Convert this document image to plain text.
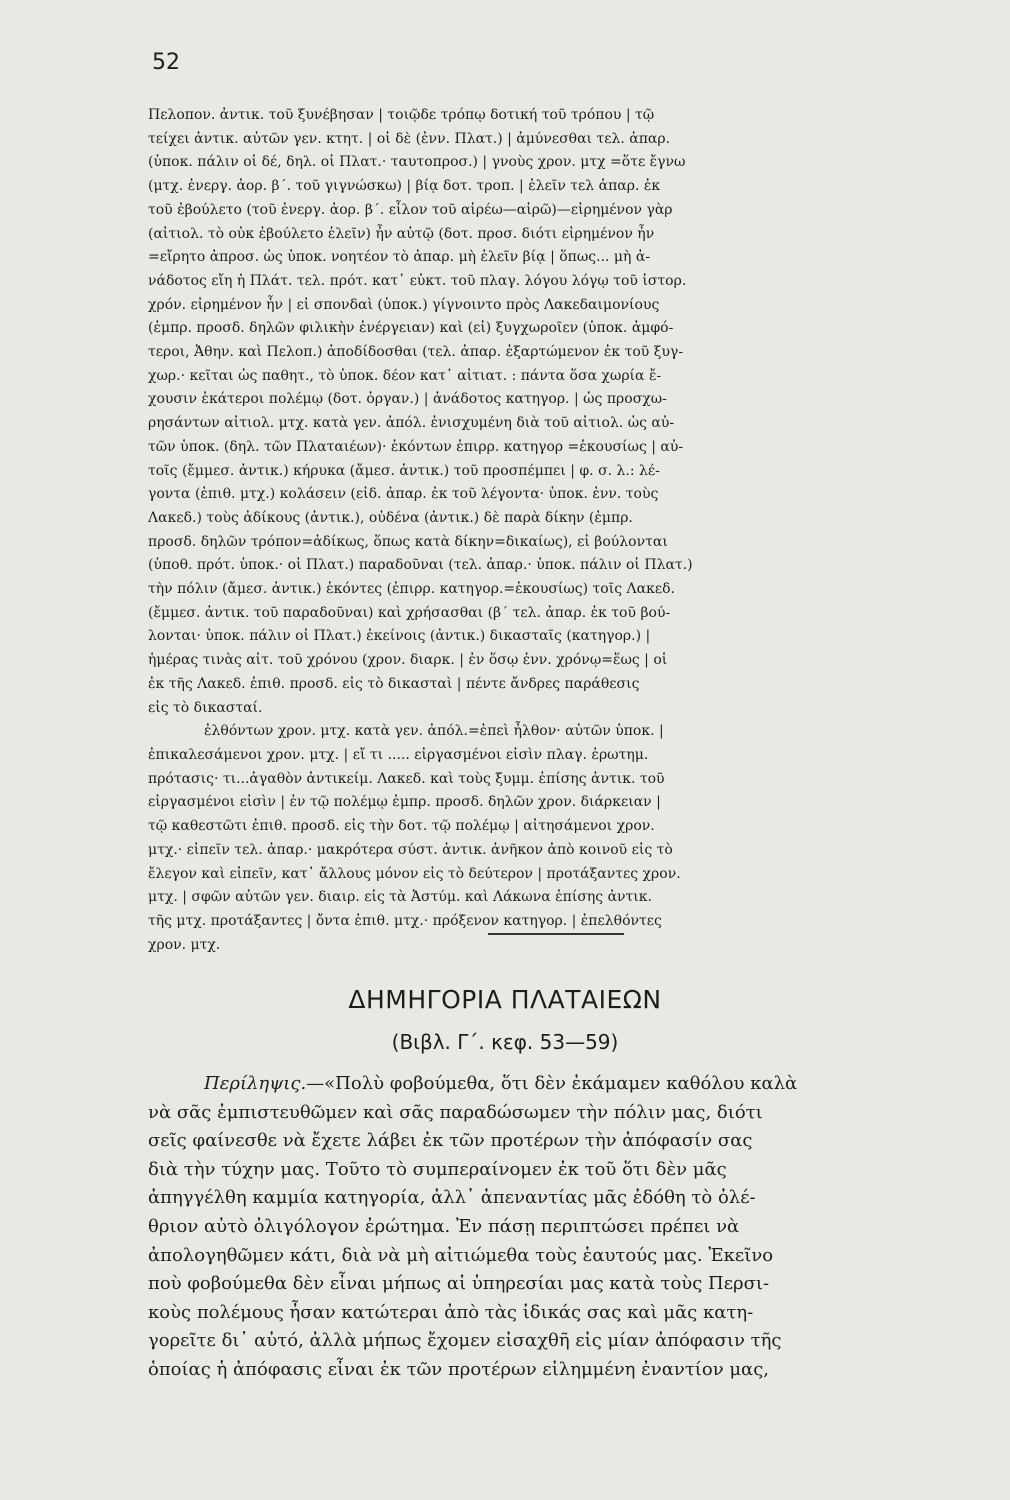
52
Πελοπον. ἀντικ. τοῦ ξυνέβησαν | τοιῷδε τρόπῳ δοτική τοῦ τρόπου | τῷ
τείχει ἀντικ. αὐτῶν γεν. κτητ. | οἱ δὲ (ἐνν. Πλατ.) | ἀμύνεσθαι τελ. ἀπαρ.
(ὑποκ. πάλιν οἱ δέ, δηλ. οἱ Πλατ.· ταυτοπροσ.) | γνοὺς χρον. μτχ =ὅτε ἔγνω
(μτχ. ἐνεργ. ἀορ. β΄. τοῦ γιγνώσκω) | βίᾳ δοτ. τροπ. | ἑλεῖν τελ ἀπαρ. ἐκ
τοῦ ἐβούλετο (τοῦ ἐνεργ. ἀορ. β΄. εἷλον τοῦ αἱρέω—αἱρῶ)—εἰρημένον γὰρ
(αἰτιολ. τὸ οὐκ ἐβούλετο ἑλεῖν) ἦν αὐτῷ (δοτ. προσ. διότι εἰρημένον ἦν
=εἴρητο ἀπροσ. ὡς ὑποκ. νοητέον τὸ ἀπαρ. μὴ ἑλεῖν βίᾳ | ὅπως... μὴ ἀ-
νάδοτος εἴη ἡ Πλάτ. τελ. πρότ. κατ᾽ εὐκτ. τοῦ πλαγ. λόγου λόγῳ τοῦ ἱστορ.
χρόν. εἰρημένον ἦν | εἰ σπονδαὶ (ὑποκ.) γίγνοιντο πρὸς Λακεδαιμονίους
(ἐμπρ. προσδ. δηλῶν φιλικὴν ἐνέργειαν) καὶ (εἰ) ξυγχωροῖεν (ὑποκ. ἀμφό-
τεροι, Ἀθην. καὶ Πελοπ.) ἀποδίδοσθαι (τελ. ἀπαρ. ἐξαρτώμενον ἐκ τοῦ ξυγ-
χωρ.· κεῖται ὡς παθητ., τὸ ὑποκ. δέον κατ᾽ αἰτιατ. : πάντα ὅσα χωρία ἔ-
χουσιν ἑκάτεροι πολέμῳ (δοτ. ὀργαν.) | ἀνάδοτος κατηγορ. | ὡς προσχω-
ρησάντων αἰτιολ. μτχ. κατὰ γεν. ἀπόλ. ἐνισχυμένη διὰ τοῦ αἰτιολ. ὡς αὐ-
τῶν ὑποκ. (δηλ. τῶν Πλαταιέων)· ἑκόντων ἐπιρρ. κατηγορ =ἑκουσίως | αὐ-
τοῖς (ἔμμεσ. ἀντικ.) κήρυκα (ἄμεσ. ἀντικ.) τοῦ προσπέμπει | φ. σ. λ.: λέ-
γοντα (ἐπιθ. μτχ.) κολάσειν (εἰδ. ἀπαρ. ἐκ τοῦ λέγοντα· ὑποκ. ἐνν. τοὺς
Λακεδ.) τοὺς ἀδίκους (ἀντικ.), οὐδένα (ἀντικ.) δὲ παρὰ δίκην (ἐμπρ.
προσδ. δηλῶν τρόπον=ἀδίκως, ὅπως κατὰ δίκην=δικαίως), εἰ βούλονται
(ὑποθ. πρότ. ὑποκ.· οἱ Πλατ.) παραδοῦναι (τελ. ἀπαρ.· ὑποκ. πάλιν οἱ Πλατ.)
τὴν πόλιν (ἄμεσ. ἀντικ.) ἑκόντες (ἐπιρρ. κατηγορ.=ἑκουσίως) τοῖς Λακεδ.
(ἔμμεσ. ἀντικ. τοῦ παραδοῦναι) καὶ χρήσασθαι (β΄ τελ. ἀπαρ. ἐκ τοῦ βού-
λονται· ὑποκ. πάλιν οἱ Πλατ.) ἐκείνοις (ἀντικ.) δικασταῖς (κατηγορ.) |
ἡμέρας τινὰς αἰτ. τοῦ χρόνου (χρον. διαρκ. | ἐν ὅσῳ ἐνν. χρόνῳ=ἕως | οἱ
ἐκ τῆς Λακεδ. ἐπιθ. προσδ. εἰς τὸ δικασταὶ | πέντε ἄνδρες παράθεσις
εἰς τὸ δικασταί.
ἐλθόντων χρον. μτχ. κατὰ γεν. ἀπόλ.=ἐπεὶ ἦλθον· αὐτῶν ὑποκ. |
ἐπικαλεσάμενοι χρον. μτχ. | εἴ τι ..... εἰργασμένοι εἰσὶν πλαγ. ἐρωτημ.
πρότασις· τι...ἀγαθὸν ἀντικείμ. Λακεδ. καὶ τοὺς ξυμμ. ἐπίσης ἀντικ. τοῦ
εἰργασμένοι εἰσὶν | ἐν τῷ πολέμῳ ἐμπρ. προσδ. δηλῶν χρον. διάρκειαν |
τῷ καθεστῶτι ἐπιθ. προσδ. εἰς τὴν δοτ. τῷ πολέμῳ | αἰτησάμενοι χρον.
μτχ.· εἰπεῖν τελ. ἀπαρ.· μακρότερα σύστ. ἀντικ. ἀνῆκον ἀπὸ κοινοῦ εἰς τὸ
ἔλεγον καὶ εἰπεῖν, κατ᾽ ἄλλους μόνον εἰς τὸ δεύτερον | προτάξαντες χρον.
μτχ. | σφῶν αὐτῶν γεν. διαιρ. εἰς τὰ Ἀστύμ. καὶ Λάκωνα ἐπίσης ἀντικ.
τῆς μτχ. προτάξαντες | ὄντα ἐπιθ. μτχ.· πρόξενον κατηγορ. | ἐπελθόντες
χρον. μτχ.
ΔΗΜΗΓΟΡΙΑ ΠΛΑΤΑΙΕΩΝ
(Βιβλ. Γ΄. κεφ. 53—59)
Περίληψις.—«Πολὺ φοβούμεθα, ὅτι δὲν ἐκάμαμεν καθόλου καλὰ
νὰ σᾶς ἐμπιστευθῶμεν καὶ σᾶς παραδώσωμεν τὴν πόλιν μας, διότι
σεῖς φαίνεσθε νὰ ἔχετε λάβει ἐκ τῶν προτέρων τὴν ἀπόφασίν σας
διὰ τὴν τύχην μας. Τοῦτο τὸ συμπεραίνομεν ἐκ τοῦ ὅτι δὲν μᾶς
ἀπηγγέλθη καμμία κατηγορία, ἀλλ᾽ ἀπεναντίας μᾶς ἐδόθη τὸ ὀλέ-
θριον αὐτὸ ὀλιγόλογον ἐρώτημα. Ἐν πάσῃ περιπτώσει πρέπει νὰ
ἀπολογηθῶμεν κάτι, διὰ νὰ μὴ αἰτιώμεθα τοὺς ἑαυτούς μας. Ἐκεῖνο
ποὺ φοβούμεθα δὲν εἶναι μήπως αἱ ὑπηρεσίαι μας κατὰ τοὺς Περσι-
κοὺς πολέμους ἦσαν κατώτεραι ἀπὸ τὰς ἰδικάς σας καὶ μᾶς κατη-
γορεῖτε δι᾽ αὐτό, ἀλλὰ μήπως ἔχομεν εἰσαχθῆ εἰς μίαν ἀπόφασιν τῆς
ὁποίας ἡ ἀπόφασις εἶναι ἐκ τῶν προτέρων εἰλημμένη ἐναντίον μας,
